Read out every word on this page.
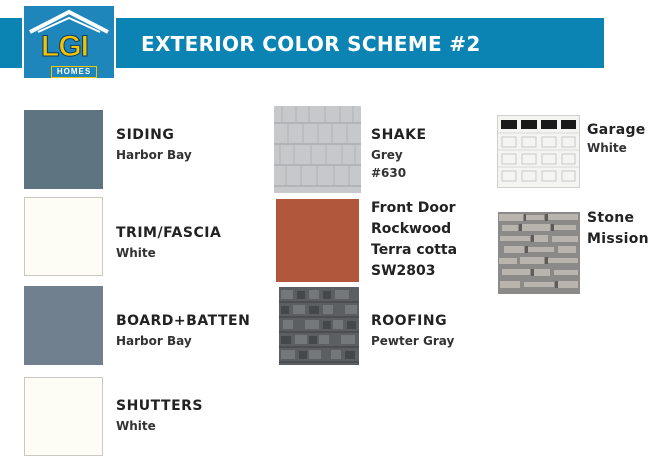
EXTERIOR COLOR SCHEME #2
LGI
HOMES
SIDING
Harbor Bay
TRIM/FASCIA
White
BOARD+BATTEN
Harbor Bay
SHUTTERS
White
SHAKE
Grey
#630
Front Door
Rockwood
Terra cotta
SW2803
ROOFING
Pewter Gray
Garage
White
Stone
Mission
